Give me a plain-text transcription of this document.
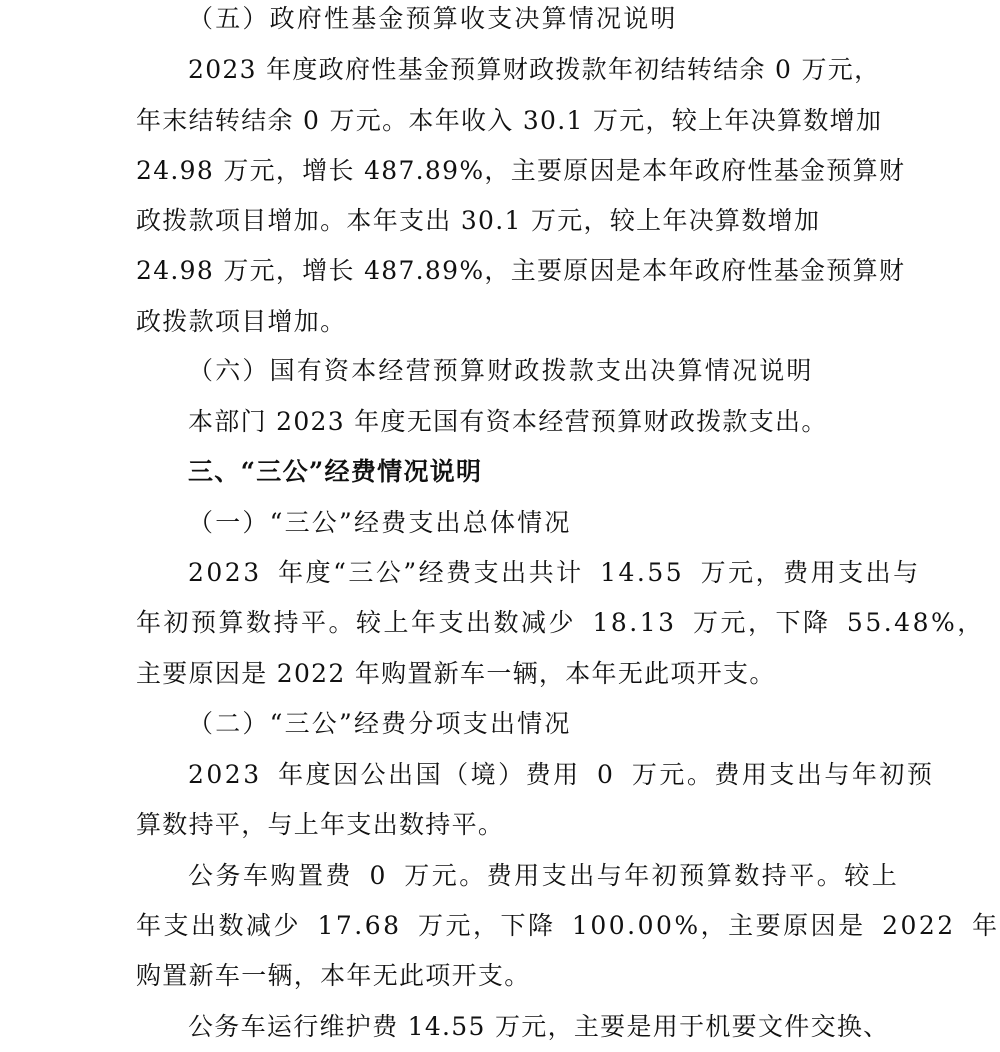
（五）政府性基金预算收支决算情况说明
2023 年度政府性基金预算财政拨款年初结转结余 0 万元，
年末结转结余 0 万元。本年收入 30.1 万元，较上年决算数增加
24.98 万元，增长 487.89%，主要原因是本年政府性基金预算财
政拨款项目增加。本年支出 30.1 万元，较上年决算数增加
24.98 万元，增长 487.89%，主要原因是本年政府性基金预算财
政拨款项目增加。
（六）国有资本经营预算财政拨款支出决算情况说明
本部门 2023 年度无国有资本经营预算财政拨款支出。
三、“三公”经费情况说明
（一）“三公”经费支出总体情况
2023 年度“三公”经费支出共计 14.55 万元，费用支出与
年初预算数持平。较上年支出数减少 18.13 万元，下降 55.48%，
主要原因是 2022 年购置新车一辆，本年无此项开支。
（二）“三公”经费分项支出情况
2023 年度因公出国（境）费用 0 万元。费用支出与年初预
算数持平，与上年支出数持平。
公务车购置费 0 万元。费用支出与年初预算数持平。较上
年支出数减少 17.68 万元，下降 100.00%，主要原因是 2022 年
购置新车一辆，本年无此项开支。
公务车运行维护费 14.55 万元，主要是用于机要文件交换、
